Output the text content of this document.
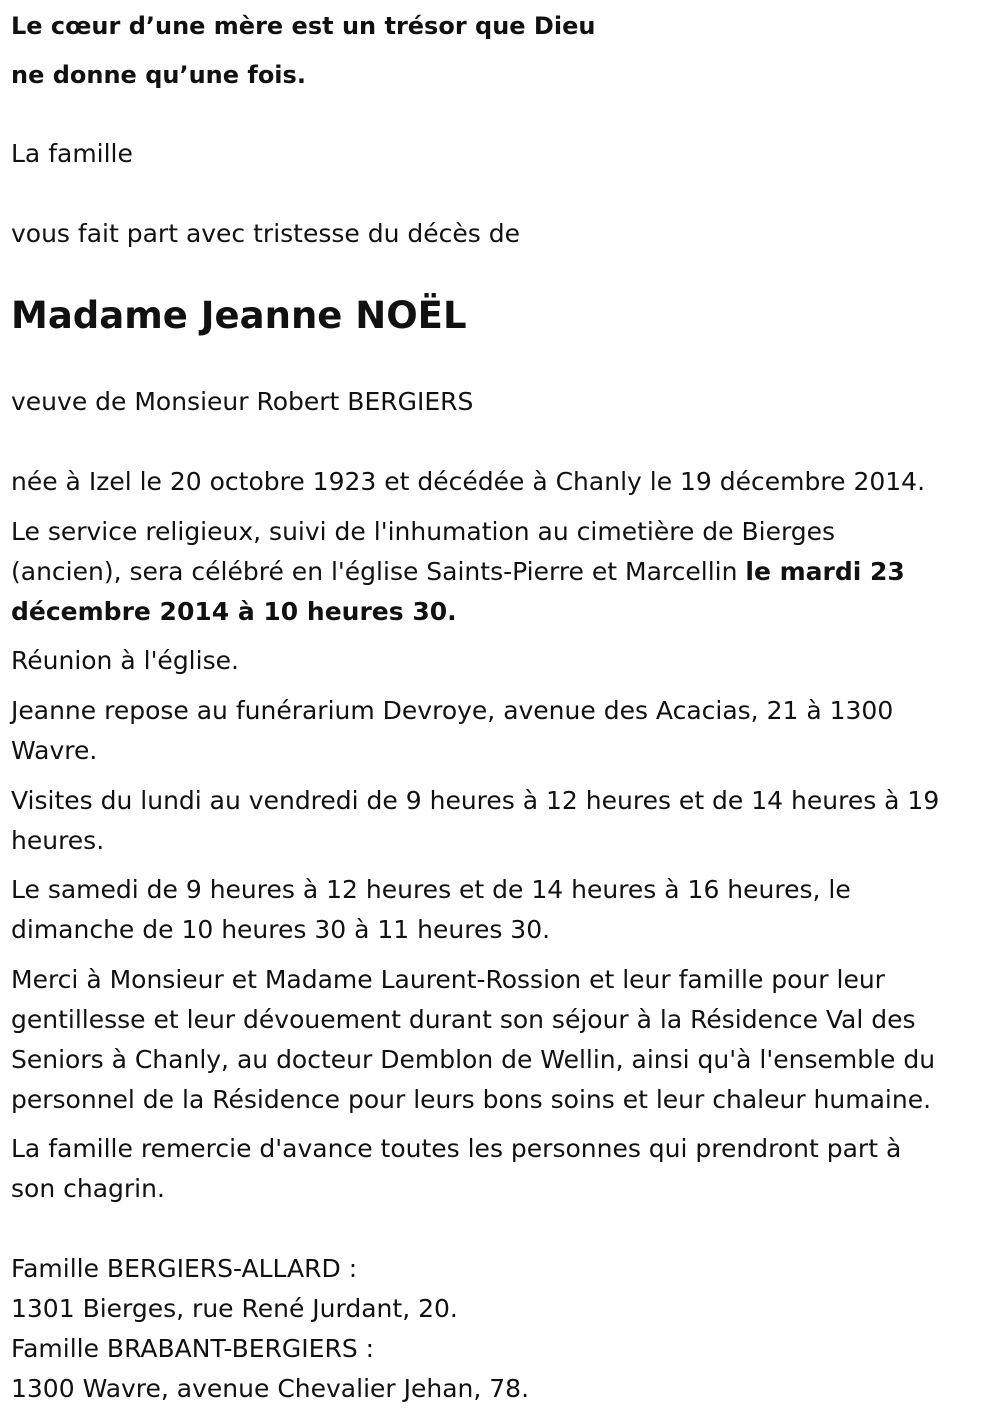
Le cœur d’une mère est un trésor que Dieu
ne donne qu’une fois.
La famille
vous fait part avec tristesse du décès de
Madame Jeanne NOËL
veuve de Monsieur Robert BERGIERS
née à Izel le 20 octobre 1923 et décédée à Chanly le 19 décembre 2014.
Le service religieux, suivi de l'inhumation au cimetière de Bierges
(ancien), sera célébré en l'église Saints-Pierre et Marcellin le mardi 23
décembre 2014 à 10 heures 30.
Réunion à l'église.
Jeanne repose au funérarium Devroye, avenue des Acacias, 21 à 1300
Wavre.
Visites du lundi au vendredi de 9 heures à 12 heures et de 14 heures à 19
heures.
Le samedi de 9 heures à 12 heures et de 14 heures à 16 heures, le
dimanche de 10 heures 30 à 11 heures 30.
Merci à Monsieur et Madame Laurent-Rossion et leur famille pour leur
gentillesse et leur dévouement durant son séjour à la Résidence Val des
Seniors à Chanly, au docteur Demblon de Wellin, ainsi qu'à l'ensemble du
personnel de la Résidence pour leurs bons soins et leur chaleur humaine.
La famille remercie d'avance toutes les personnes qui prendront part à
son chagrin.
Famille BERGIERS-ALLARD :
1301 Bierges, rue René Jurdant, 20.
Famille BRABANT-BERGIERS :
1300 Wavre, avenue Chevalier Jehan, 78.
